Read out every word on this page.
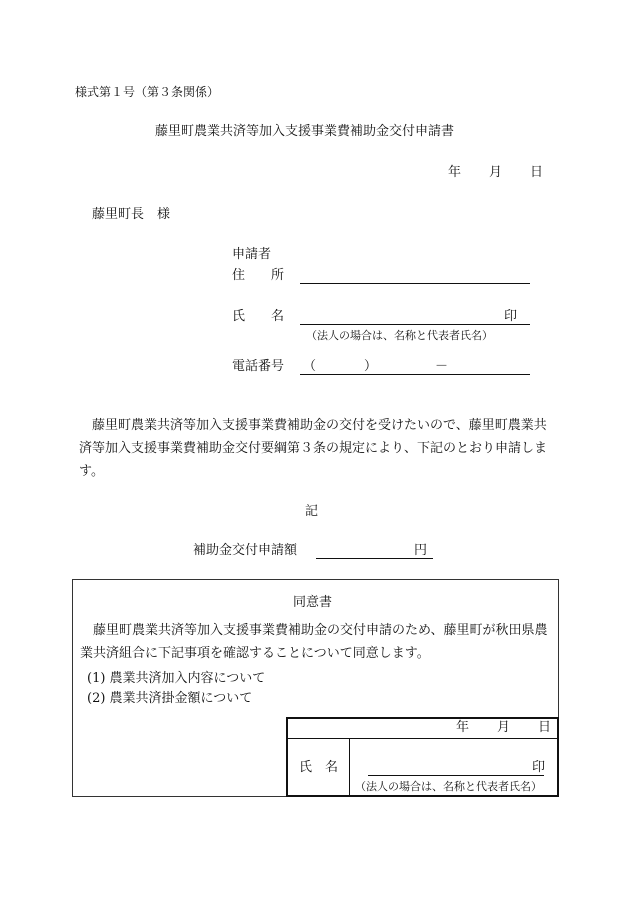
様式第１号（第３条関係）
藤里町農業共済等加入支援事業費補助金交付申請書
年 月 日
藤里町長　様
申請者
住　　所
氏　　名	印
（法人の場合は、名称と代表者氏名）
電話番号 （	）	－
藤里町農業共済等加入支援事業費補助金の交付を受けたいので、藤里町農業共済等加入支援事業費補助金交付要綱第３条の規定により、下記のとおり申請します。
記
補助金交付申請額	円
同意書
藤里町農業共済等加入支援事業費補助金の交付申請のため、藤里町が秋田県農業共済組合に下記事項を確認することについて同意します。
(1) 農業共済加入内容について
(2) 農業共済掛金額について
年 月 日
氏　名	印
（法人の場合は、名称と代表者氏名）
